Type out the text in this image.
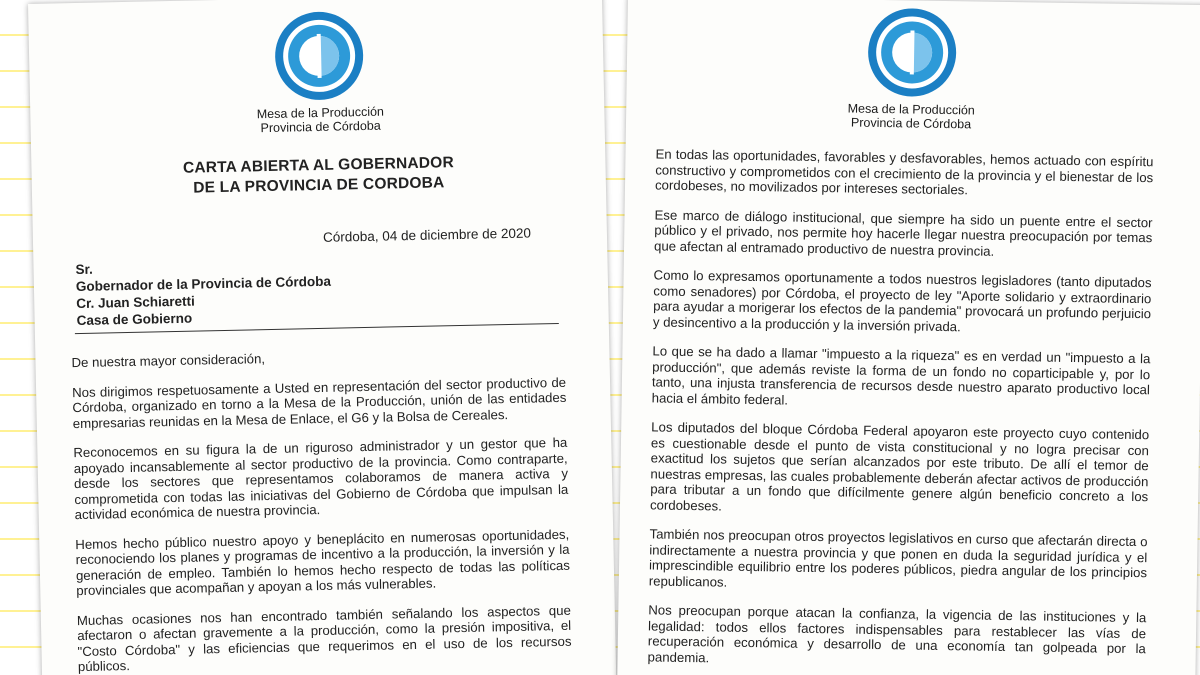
Mesa de la Producción
Provincia de Córdoba
CARTA ABIERTA AL GOBERNADOR
DE LA PROVINCIA DE CORDOBA
Córdoba, 04 de diciembre de 2020
Sr.
Gobernador de la Provincia de Córdoba
Cr. Juan Schiaretti
Casa de Gobierno

De nuestra mayor consideración,

Nos dirigimos respetuosamente a Usted en representación del sector productivo de Córdoba, organizado en torno a la Mesa de la Producción, unión de las entidades empresarias reunidas en la Mesa de Enlace, el G6 y la Bolsa de Cereales.

Reconocemos en su figura la de un riguroso administrador y un gestor que ha apoyado incansablemente al sector productivo de la provincia. Como contraparte, desde los sectores que representamos colaboramos de manera activa y comprometida con todas las iniciativas del Gobierno de Córdoba que impulsan la actividad económica de nuestra provincia.

Hemos hecho público nuestro apoyo y beneplácito en numerosas oportunidades, reconociendo los planes y programas de incentivo a la producción, la inversión y la generación de empleo. También lo hemos hecho respecto de todas las políticas provinciales que acompañan y apoyan a los más vulnerables.

Muchas ocasiones nos han encontrado también señalando los aspectos que afectaron o afectan gravemente a la producción, como la presión impositiva, el "Costo Córdoba" y las eficiencias que requerimos en el uso de los recursos públicos.

Mesa de la Producción
Provincia de Córdoba

En todas las oportunidades, favorables y desfavorables, hemos actuado con espíritu constructivo y comprometidos con el crecimiento de la provincia y el bienestar de los cordobeses, no movilizados por intereses sectoriales.

Ese marco de diálogo institucional, que siempre ha sido un puente entre el sector público y el privado, nos permite hoy hacerle llegar nuestra preocupación por temas que afectan al entramado productivo de nuestra provincia.

Como lo expresamos oportunamente a todos nuestros legisladores (tanto diputados como senadores) por Córdoba, el proyecto de ley "Aporte solidario y extraordinario para ayudar a morigerar los efectos de la pandemia" provocará un profundo perjuicio y desincentivo a la producción y la inversión privada.

Lo que se ha dado a llamar "impuesto a la riqueza" es en verdad un "impuesto a la producción", que además reviste la forma de un fondo no coparticipable y, por lo tanto, una injusta transferencia de recursos desde nuestro aparato productivo local hacia el ámbito federal.

Los diputados del bloque Córdoba Federal apoyaron este proyecto cuyo contenido es cuestionable desde el punto de vista constitucional y no logra precisar con exactitud los sujetos que serían alcanzados por este tributo. De allí el temor de nuestras empresas, las cuales probablemente deberán afectar activos de producción para tributar a un fondo que difícilmente genere algún beneficio concreto a los cordobeses.

También nos preocupan otros proyectos legislativos en curso que afectarán directa o indirectamente a nuestra provincia y que ponen en duda la seguridad jurídica y el imprescindible equilibrio entre los poderes públicos, piedra angular de los principios republicanos.

Nos preocupan porque atacan la confianza, la vigencia de las instituciones y la legalidad: todos ellos factores indispensables para restablecer las vías de recuperación económica y desarrollo de una economía tan golpeada por la pandemia.
